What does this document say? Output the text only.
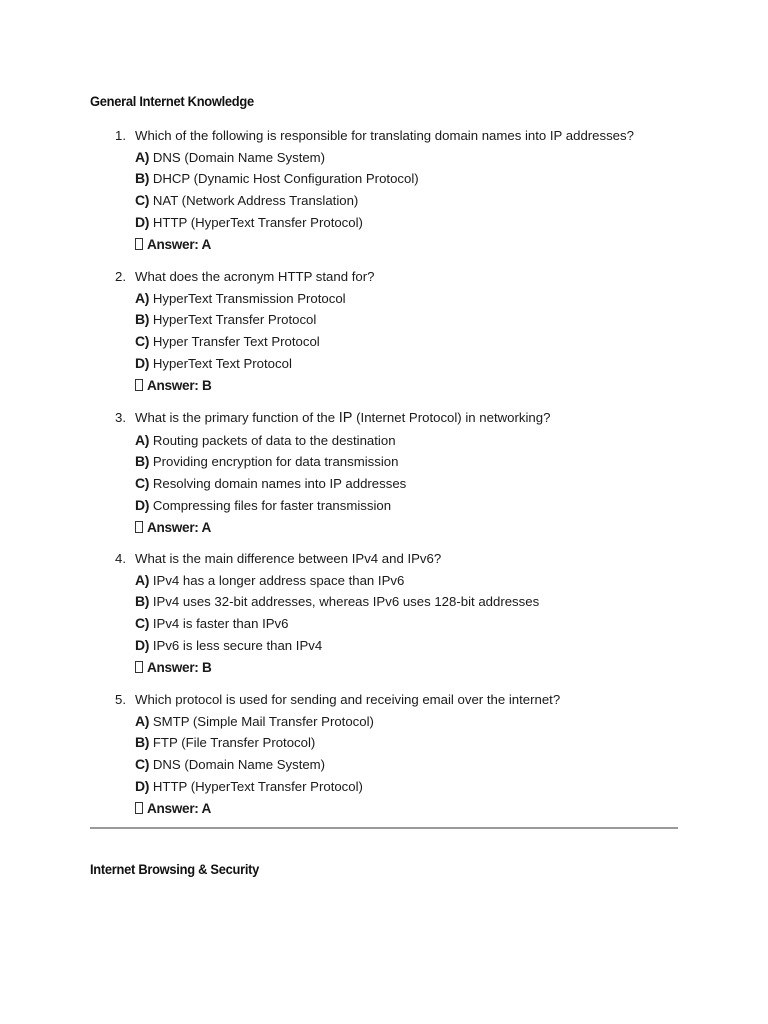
General Internet Knowledge
1. Which of the following is responsible for translating domain names into IP addresses?
A) DNS (Domain Name System)
B) DHCP (Dynamic Host Configuration Protocol)
C) NAT (Network Address Translation)
D) HTTP (HyperText Transfer Protocol)
Answer: A
2. What does the acronym HTTP stand for?
A) HyperText Transmission Protocol
B) HyperText Transfer Protocol
C) Hyper Transfer Text Protocol
D) HyperText Text Protocol
Answer: B
3. What is the primary function of the IP (Internet Protocol) in networking?
A) Routing packets of data to the destination
B) Providing encryption for data transmission
C) Resolving domain names into IP addresses
D) Compressing files for faster transmission
Answer: A
4. What is the main difference between IPv4 and IPv6?
A) IPv4 has a longer address space than IPv6
B) IPv4 uses 32-bit addresses, whereas IPv6 uses 128-bit addresses
C) IPv4 is faster than IPv6
D) IPv6 is less secure than IPv4
Answer: B
5. Which protocol is used for sending and receiving email over the internet?
A) SMTP (Simple Mail Transfer Protocol)
B) FTP (File Transfer Protocol)
C) DNS (Domain Name System)
D) HTTP (HyperText Transfer Protocol)
Answer: A
Internet Browsing & Security
